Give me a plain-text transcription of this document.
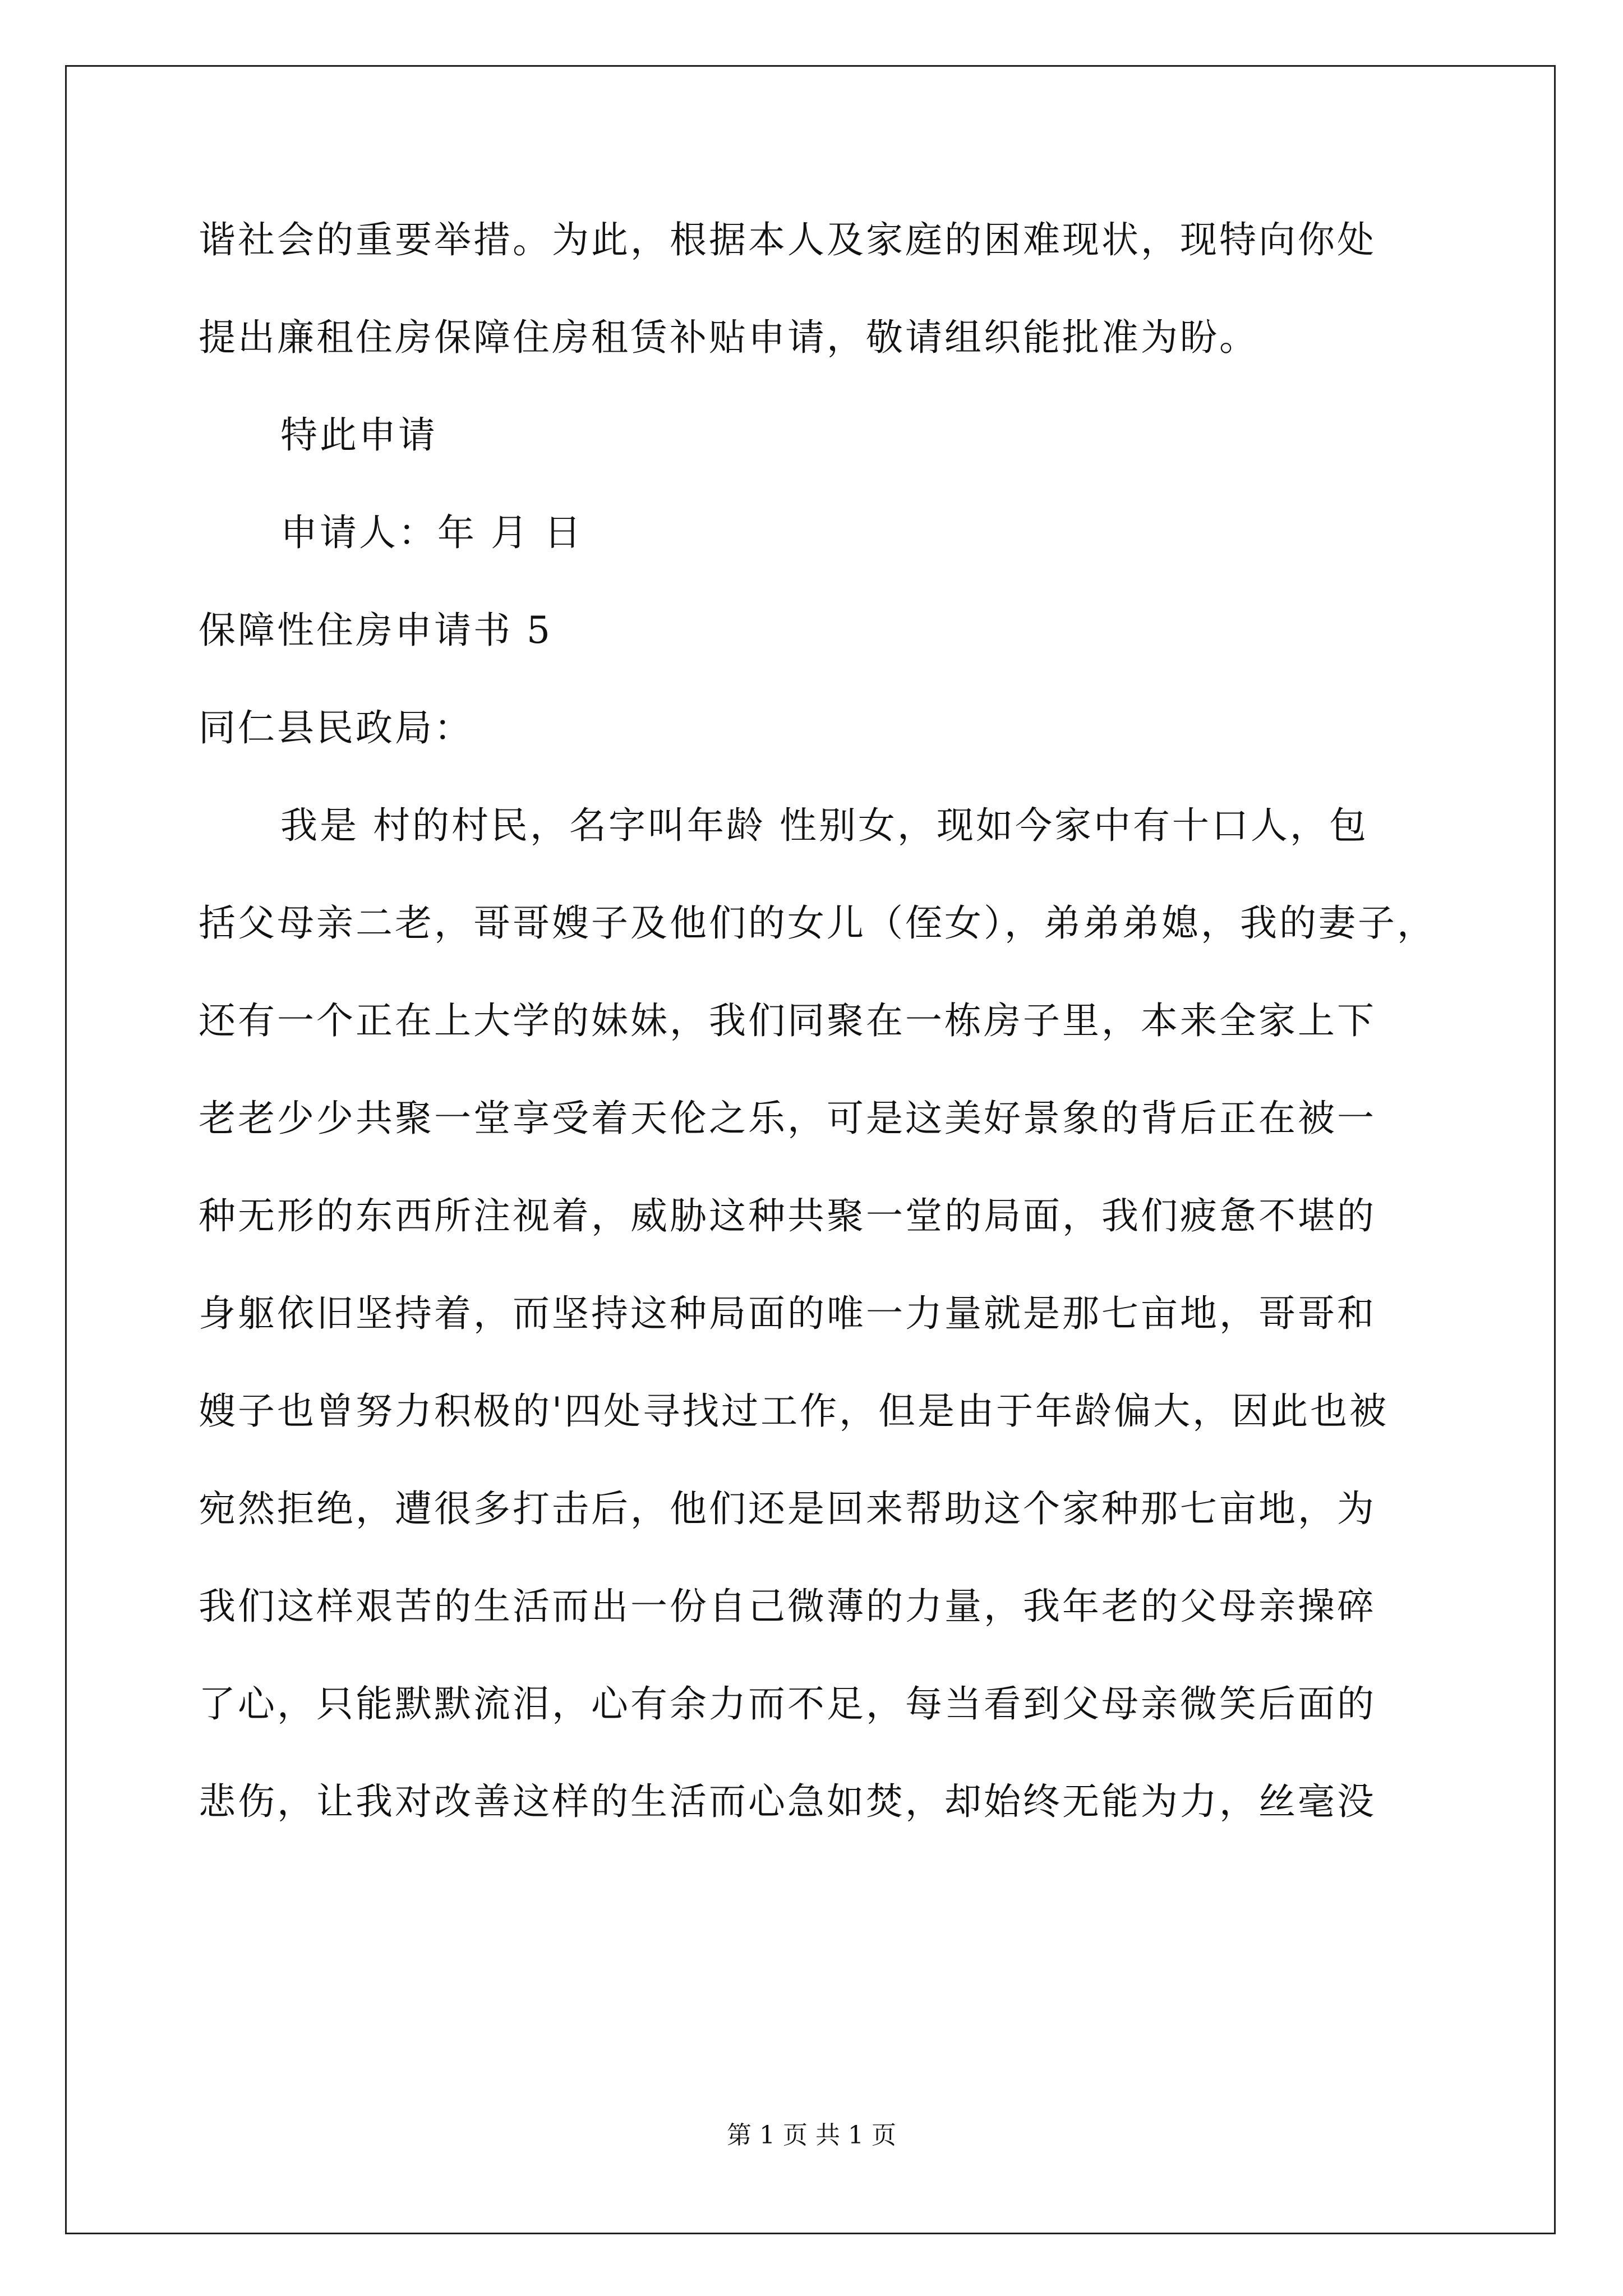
谐社会的重要举措。为此，根据本人及家庭的困难现状，现特向你处

提出廉租住房保障住房租赁补贴申请，敬请组织能批准为盼。

特此申请

申请人：年 月 日

保障性住房申请书 5

同仁县民政局：

我是 村的村民，名字叫年龄 性别女，现如今家中有十口人，包

括父母亲二老，哥哥嫂子及他们的女儿（侄女），弟弟弟媳，我的妻子，

还有一个正在上大学的妹妹，我们同聚在一栋房子里，本来全家上下

老老少少共聚一堂享受着天伦之乐，可是这美好景象的背后正在被一

种无形的东西所注视着，威胁这种共聚一堂的局面，我们疲惫不堪的

身躯依旧坚持着，而坚持这种局面的唯一力量就是那七亩地，哥哥和

嫂子也曾努力积极的'四处寻找过工作，但是由于年龄偏大，因此也被

宛然拒绝，遭很多打击后，他们还是回来帮助这个家种那七亩地，为

我们这样艰苦的生活而出一份自己微薄的力量，我年老的父母亲操碎

了心，只能默默流泪，心有余力而不足，每当看到父母亲微笑后面的

悲伤，让我对改善这样的生活而心急如焚，却始终无能为力，丝毫没

第 1 页 共 1 页
